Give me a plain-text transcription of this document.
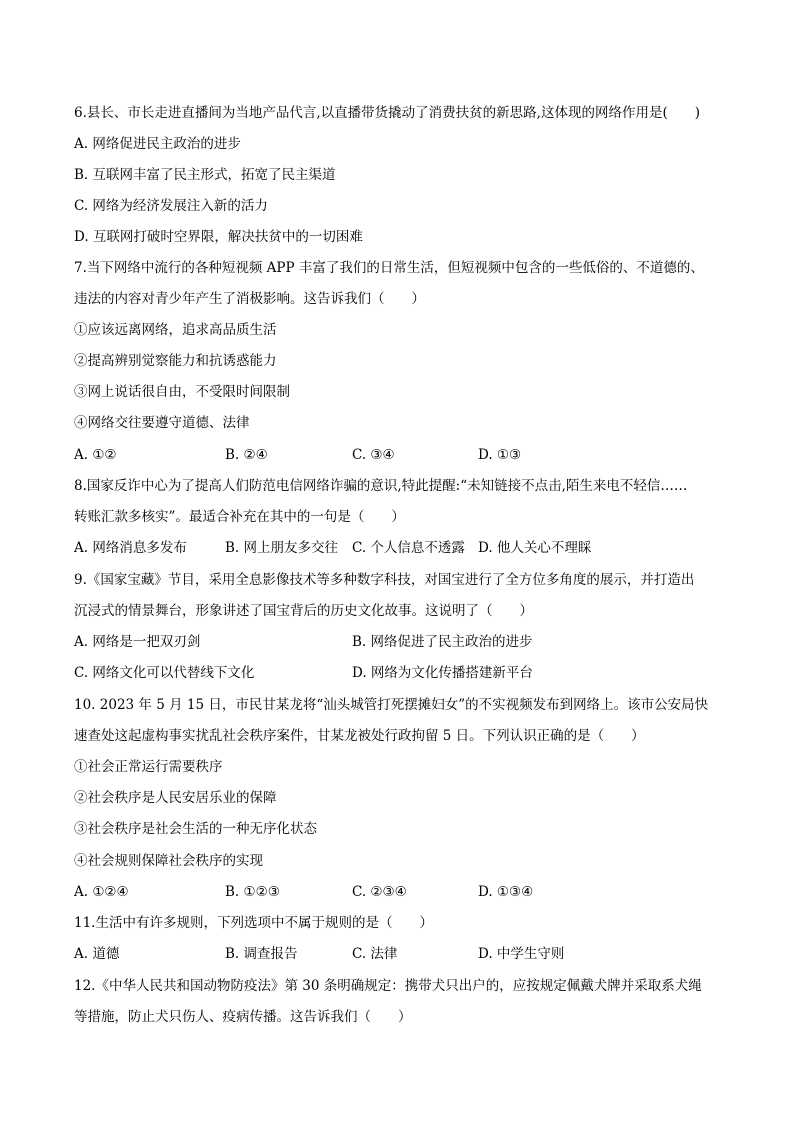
6.县长、市长走进直播间为当地产品代言,以直播带货撬动了消费扶贫的新思路,这体现的网络作用是(　　)
A. 网络促进民主政治的进步
B. 互联网丰富了民主形式，拓宽了民主渠道
C. 网络为经济发展注入新的活力
D. 互联网打破时空界限，解决扶贫中的一切困难
7.当下网络中流行的各种短视频 APP 丰富了我们的日常生活，但短视频中包含的一些低俗的、不道德的、
违法的内容对青少年产生了消极影响。这告诉我们（　　）
①应该远离网络，追求高品质生活
②提高辨别觉察能力和抗诱惑能力
③网上说话很自由，不受限时间限制
④网络交往要遵守道德、法律
A. ①②	B. ②④	C. ③④	D. ①③
8.国家反诈中心为了提高人们防范电信网络诈骗的意识,特此提醒:“未知链接不点击,陌生来电不轻信……
转账汇款多核实”。最适合补充在其中的一句是（　　）
A. 网络消息多发布	B. 网上朋友多交往 C. 个人信息不透露 D. 他人关心不理睬
9.《国家宝藏》节目，采用全息影像技术等多种数字科技，对国宝进行了全方位多角度的展示，并打造出
沉浸式的情景舞台，形象讲述了国宝背后的历史文化故事。这说明了（　　）
A. 网络是一把双刃剑	B. 网络促进了民主政治的进步
C. 网络文化可以代替线下文化	D. 网络为文化传播搭建新平台
10. 2023 年 5 月 15 日，市民甘某龙将“汕头城管打死摆摊妇女”的不实视频发布到网络上。该市公安局快
速查处这起虚构事实扰乱社会秩序案件，甘某龙被处行政拘留 5 日。下列认识正确的是（　　）
①社会正常运行需要秩序
②社会秩序是人民安居乐业的保障
③社会秩序是社会生活的一种无序化状态
④社会规则保障社会秩序的实现
A. ①②④	B. ①②③	C. ②③④	D. ①③④
11.生活中有许多规则，下列选项中不属于规则的是（　　）
A. 道德	B. 调查报告	C. 法律	D. 中学生守则
12.《中华人民共和国动物防疫法》第 30 条明确规定：携带犬只出户的，应按规定佩戴犬牌并采取系犬绳
等措施，防止犬只伤人、疫病传播。这告诉我们（　　）
